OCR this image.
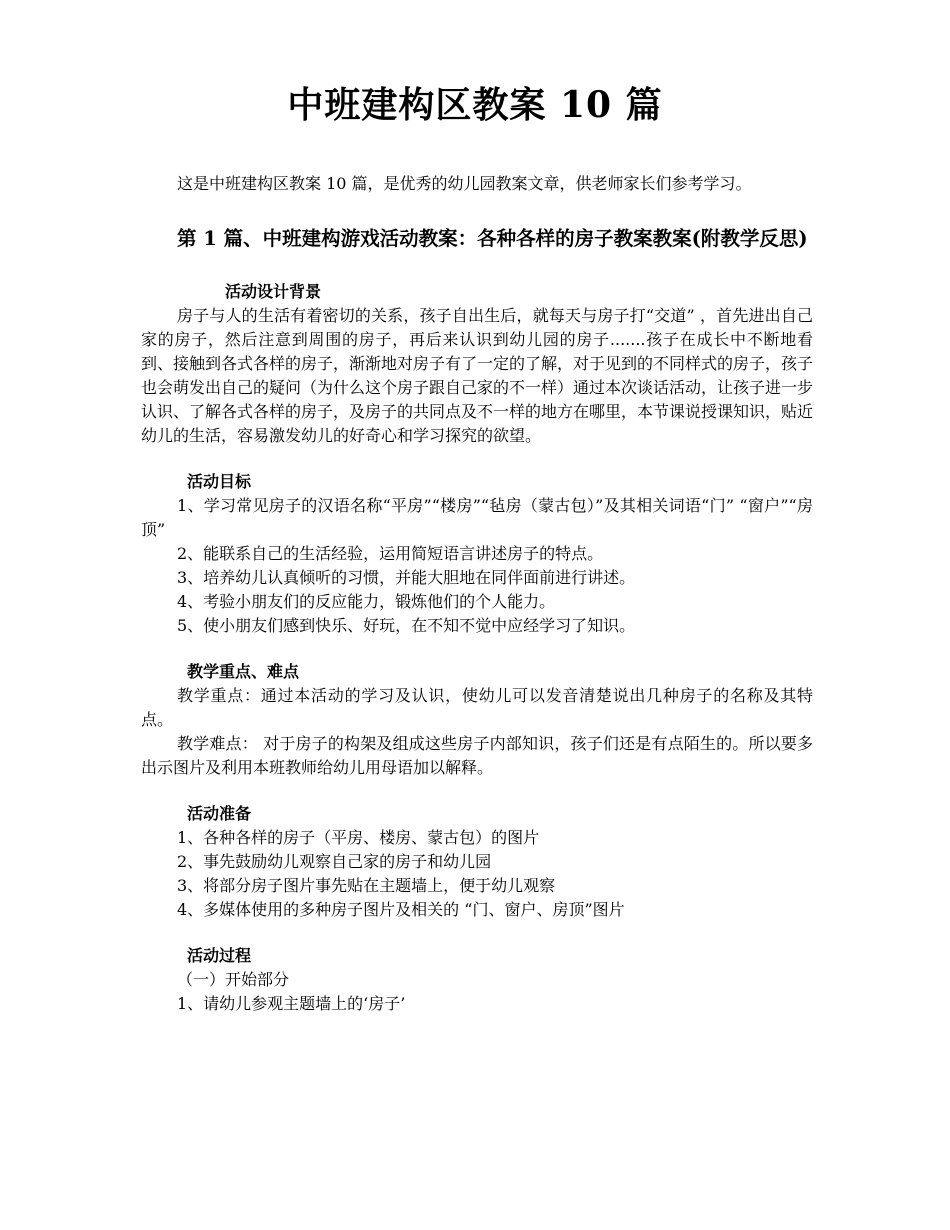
中班建构区教案 10 篇

这是中班建构区教案 10 篇，是优秀的幼儿园教案文章，供老师家长们参考学习。

第 1 篇、中班建构游戏活动教案：各种各样的房子教案教案(附教学反思)
活动设计背景

房子与人的生活有着密切的关系，孩子自出生后，就每天与房子打“交道” ，首先进出自己家的房子，然后注意到周围的房子，再后来认识到幼儿园的房子.......孩子在成长中不断地看到、接触到各式各样的房子，渐渐地对房子有了一定的了解，对于见到的不同样式的房子，孩子也会萌发出自己的疑问（为什么这个房子跟自己家的不一样）通过本次谈话活动，让孩子进一步认识、了解各式各样的房子，及房子的共同点及不一样的地方在哪里，本节课说授课知识，贴近幼儿的生活，容易激发幼儿的好奇心和学习探究的欲望。

活动目标

1、学习常见房子的汉语名称“平房”“楼房”“毡房（蒙古包）”及其相关词语“门” “窗户”“房顶”

2、能联系自己的生活经验，运用简短语言讲述房子的特点。

3、培养幼儿认真倾听的习惯，并能大胆地在同伴面前进行讲述。

4、考验小朋友们的反应能力，锻炼他们的个人能力。

5、使小朋友们感到快乐、好玩，在不知不觉中应经学习了知识。

教学重点、难点

教学重点：通过本活动的学习及认识，使幼儿可以发音清楚说出几种房子的名称及其特点。

教学难点： 对于房子的构架及组成这些房子内部知识，孩子们还是有点陌生的。所以要多出示图片及利用本班教师给幼儿用母语加以解释。

活动准备

1、各种各样的房子（平房、楼房、蒙古包）的图片

2、事先鼓励幼儿观察自己家的房子和幼儿园

3、将部分房子图片事先贴在主题墙上，便于幼儿观察

4、多媒体使用的多种房子图片及相关的 “门、窗户、房顶”图片

活动过程

（一）开始部分

1、请幼儿参观主题墙上的‘房子’
